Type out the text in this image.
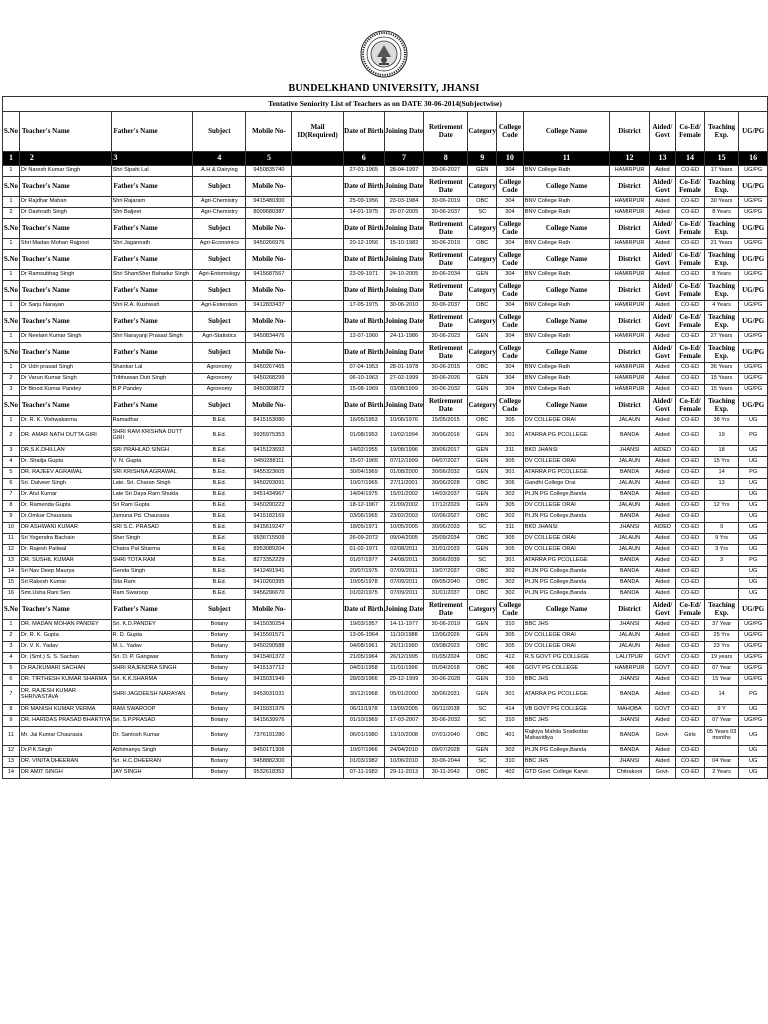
BUNDELKHAND UNIVERSITY, JHANSI
Tentative Seniority List of Teachers as on DATE 30-06-2014(Subjectwise)																
S.No	Teacher's Name	Father's Name	Subject	Mobile No-	Mail ID(Required)	Date of Birth	Joining Date	Retirement Date	Category	College Code	College Name	District	Aided/ Govt	Co-Ed/ Female	Teaching Exp.	UG/PG
1	2	3	4	5		6	7	8	9	10	11	12	13	14	15	16
1	Dr Naresh Kumar Singh	Shri Sipahi Lal	A.H & Dairying	9450835740		27-01-1965	28-04-1997	30-06-2027	GEN	304	BNV College Rath	HAMIRPUR	Aided	CO-ED	17 Years	UG/PG
S.No	Teacher's Name	Father's Name	Subject	Mobile No-		Date of Birth	Joining Date	Retirement Date	Category	College Code	College Name	District	Aided/ Govt	Co-Ed/ Female	Teaching Exp.	UG/PG
1	Dr Rajdhar Mahan	Shri Rajaram	Agri-Chemistry	9415480300		25-09-1956	23-03-1984	30-06-2019	OBC	304	BNV College Rath	HAMIRPUR	Aided	CO-ED	30 Years	UG/PG
2	Dr Dashrath Singh	Shri Baljeet	Agri-Chemistry	8009680387		14-01-1975	20-07-2005	30-06-2037	SC	304	BNV College Rath	HAMIRPUR	Aided	CO-ED	8 Years	UG/PG
S.No	Teacher's Name	Father's Name	Subject	Mobile No-		Date of Birth	Joining Date	Retirement Date	Category	College Code	College Name	District	Aided/ Govt	Co-Ed/ Female	Teaching Exp.	UG/PG
1	Shri Madan Mohan Rajpoot	Shri Jagannath	Agri-Economics	9450266976		20-12-1956	15-10-1982	30-06-2019	OBC	304	BNV College Rath	HAMIRPUR	Aided	CO-ED	21 Years	UG/PG
S.No	Teacher's Name	Father's Name	Subject	Mobile No-		Date of Birth	Joining Date	Retirement Date	Category	College Code	College Name	District	Aided/ Govt	Co-Ed/ Female	Teaching Exp.	UG/PG
1	Dr Ramsubhag Singh	Shri ShamSher Bahadur Singh	Agri-Entomology	9415687567		23-09-1971	24-10-2005	30-06-2034	GEN	304	BNV College Rath	HAMIRPUR	Aided	CO-ED	8 Years	UG/PG
S.No	Teacher's Name	Father's Name	Subject	Mobile No-		Date of Birth	Joining Date	Retirement Date	Category	College Code	College Name	District	Aided/ Govt	Co-Ed/ Female	Teaching Exp.	UG/PG
1	Dr Sarju Narayan	Shri R.A. Kushwah	Agri-Extension	9412833437		17-05-1975	30-06-2010	30-06-2037	OBC	304	BNV College Rath	HAMIRPUR	Aided	CO-ED	4 Years	UG/PG
S.No	Teacher's Name	Father's Name	Subject	Mobile No-		Date of Birth	Joining Date	Retirement Date	Category	College Code	College Name	District	Aided/ Govt	Co-Ed/ Female	Teaching Exp.	UG/PG
1	Dr Neelam Kumar Singh	Shri Narayanji Prasad Singh	Agri-Statistics	9450834476		12-07-1960	24-11-1986	30-06-2023	GEN	304	BNV College Rath	HAMIRPUR	Aided	CO-ED	27 Years	UG/PG
S.No	Teacher's Name	Father's Name	Subject	Mobile No-		Date of Birth	Joining Date	Retirement Date	Category	College Code	College Name	District	Aided/ Govt	Co-Ed/ Female	Teaching Exp.	UG/PG
1	Dr Udri prasad Singh	Shankar Lal	Agronomy	9450267465		07-04-1953	28-01-1978	30-06-2015	OBC	304	BNV College Rath	HAMIRPUR	Aided	CO-ED	36 Years	UG/PG
2	Dr Varun Kumar Singh	Tribhuwan Dutt Singh	Agronomy	9450268299		06-10-1963	27-02-1999	30-06-2026	GEN	304	BNV College Rath	HAMIRPUR	Aided	CO-ED	15 Years	UG/PG
3	Dr Binod Kumar Pandey	B.P Pandey	Agronomy	9450309872		15-08-1969	03/08/1999	30-06-2032	GEN	304	BNV College Rath	HAMIRPUR	Aided	CO-ED	15 Years	UG/PG
S.No	Teacher's Name	Father's Name	Subject	Mobile No-		Date of Birth	Joining Date	Retirement Date	Category	College Code	College Name	District	Aided/ Govt	Co-Ed/ Female	Teaching Exp.	UG/PG
1	Dr. R. K. Vishwakarma	Ramadhar	B.Ed.	8415153080		16/05/1953	10/06/1976	15/05/2015	OBC	305	DV COLLEGE ORAI	JALAUN	Aided	CO-ED	38 Yrs	UG
2	DR. AMAR NATH DUTTA GIRI	SHRI RAM KRISHNA DUTT GIRI	B.Ed.	9935975353		01/08/1953	19/02/1994	30/06/2016	GEN	301	ATARRA PG PCOLLEGE	BANDA	Aided	CO-ED	19	PG
3	DR.S.K.DHILLAN	SRI PRAHLAD SINGH	B.Ed.	9415123692		14/02/1955	19/08/1996	30/06/2017	GEN	311	BKD JHANSI	JHANSI	AIDED	CO-ED	18	UG
4	Dr. Shailja Gupta	V. N. Gupta	B.Ed.	9450288111		15-07-1965	07/12/1999	04/07/2027	GEN	305	DV COLLEGE ORAI	JALAUN	Aided	CO-ED	15 Yrs	UG
5	DR. RAJEEV AGRAWAL	SRI KRISHNA AGRAWAL	B.Ed.	9455323605		30/04/1969	01/08/2000	30/06/2032	GEN	301	ATARRA PG PCOLLEGE	BANDA	Aided	CO-ED	14	PG
6	Sri. Dalveer Singh	Late. Sri. Charan Singh	B.Ed.	9450293091		10/07/1965	27/11/2001	30/06/2028	OBC	306	Gandhi College Orai	JALAUN	Aided	CO-ED	13	UG
7	Dr. Atul Kumar	Late Sri Daya Ram Shukla	B.Ed.	9451434967		14/04/1975	15/01/2002	14/03/2037	GEN	302	Pt.JN PG College,Banda	BANDA	Aided	CO-ED		UG
8	Dr. Ramenda Gupta	Sri Ram Gupta	B.Ed.	9450290222		18-12-1967	21/09/2002	17/12/2029	GEN	305	DV COLLEGE ORAI	JALAUN	Aided	CO-ED	12 Yrs	UG
9	Dr.Omkar Chaurasia	Jamuna Pd. Chaurasia	B.Ed.	9415182169		03/06/1965	23/02/2003	02/06/2027	OBC	302	Pt.JN PG College,Banda	BANDA	Aided	CO-ED		UG
10	DR ASHWANI KUMAR	SRI S.C. PRASAD	B.Ed.	9415619247		18/05/1971	10/05/2005	30/06/2033	SC	311	BKD JHANSI	JHANSI	AIDED	CO-ED	9	UG
11	Sri Yogendra Bachain	Sher Singh	B.Ed.	9936715509		26-09-2072	09/04/2005	25/09/2034	OBC	305	DV COLLEGE ORAI	JALAUN	Aided	CO-ED	9 Yrs	UG
12	Dr. Rajesh Paliwal	Chatra Pal Sharma	B.Ed.	8953089204		01-02-1971	02/08/2011	31/01/2033	GEN	305	DV COLLEGE ORAI	JALAUN	Aided	CO-ED	3 Yrs	UG
13	DR. SUSHIL KUMAR	SHRI TOTA RAM	B.Ed.	8273352229		01/07/1977	24/08/2011	30/06/2039	SC	301	ATARRA PG PCOLLEGE	BANDA	Aided	CO-ED	3	PG
14	Sri Nav Deep Maurya	Genda Singh	B.Ed.	9412491941		20/07/1975	07/09/2011	19/07/2037	OBC	302	Pt.JN PG College,Banda	BANDA	Aided	CO-ED		UG
15	Sri Rakesh Kumar	Sita Ram	B.Ed.	9410260395		10/05/1978	07/09/2011	09/05/2040	OBC	302	Pt.JN PG College,Banda	BANDA	Aided	CO-ED		UG
16	Smt.Usha Rani Sen	Ram Swaroop	B.Ed.	9456296670		01/02/1975	07/09/2011	31/01/2037	OBC	302	Pt.JN PG College,Banda	BANDA	Aided	CO-ED		UG
S.No	Teacher's Name	Father's Name	Subject	Mobile No-		Date of Birth	Joining Date	Retirement Date	Category	College Code	College Name	District	Aided/ Govt	Co-Ed/ Female	Teaching Exp.	UG/PG
1	DR. MADAN MOHAN PANDEY	Sri. K.D.PANDEY	Botany	9415030254		19/03/1957	14-11-1977	30-06-2019	GEN	310	BBC JHS	JHANSI	Aided	CO-ED	37 Year	UG/PG
2	Dr. R. K. Gupta	R. D. Gupta	Botany	9415591571		13-06-1964	11/10/1988	12/06/2026	GEN	305	DV COLLEGE ORAI	JALAUN	Aided	CO-ED	25 Yrs	UG/PG
3	Dr. V. K. Yadav	M. L. Yadav	Botany	9450290588		04/08/1961	26/11/1990	03/08/2023	OBC	305	DV COLLEGE ORAI	JALAUN	Aided	CO-ED	23 Yrs	UG/PG
4	Dr. (Smt.) S. S. Sachan	Sri. O. P. Gangwar	Botany	9415401372		21/05/1964	26/12/1995	01/05/2024	OBC	412	R.S GOVT PG COLLEGE	LALITPUR	GOVT	CO-ED	19 years	UG/PG
5	Dr.RAJKUMARI SACHAN	SHRI RAJENDRA SINGH	Botany	9415137712		04/01/1958	11/01/1996	01/04/2018	OBC	406	GOVT PG COLLEGE	HAMIRPUR	GOVT	CO-ED	07 Year	UG/PG
6	DR. TIRTHESH KUMAR SHARMA	Sri. K.K.SHARMA	Botany	9415031949		28/03/1966	29-12-1999	30-06-2028	GEN	310	BBC JHS	JHANSI	Aided	CO-ED	15 Year	UG/PG
7	DR. RAJESH KUMAR SHRIVASTAVA	SHRI JAGDEESH NARAYAN	Botany	9453031031		30/12/1968	05/01/2000	30/06/2031	GEN	301	ATARRA PG PCOLLEGE	BANDA	Aided	CO-ED	14	PG
8	DR MANISH KUMAR VERMA	RAM SWAROOP	Botany	9415031976		06/11/1978	13/09/2005	06/11/2038	SC	414	VB GOVT PG COLLEGE	MAHOBA	GOVT	CO-ED	9 Y	UG
9	DR. HARIDAS PRASAD BHARTIYA	Sri. S.P.PRASAD	Botany	9415639976		01/10/1969	17-03-2007	30-06-2032	SC	310	BBC JHS	JHANSI	Aided	CO-ED	07 Year	UG/PG
11	Mr. Jai Kumar Chaurasia	Dr. Santosh Kumar	Botany	7376191280		06/01/1980	13/10/2008	07/01/2040	OBC	401	Rajkiya Mahila Snatkottar Mahavidiya	BANDA	Govt-	Girls	05 Years 03 months	UG
12	Dr.P.K.Singh	Abhimanyu Singh	Botany	9450171306		10/07/1966	24/04/2010	09/07/2028	GEN	302	Pt.JN PG College,Banda	BANDA	Aided	CO-ED		UG
13	DR. VINITA DHEERAN	Sri. H.C.DHEERAN	Botany	9458882300		01/03/1982	10/06/2010	30-06-2044	SC	310	BBC JHS	JHANSI	Aided	CO-ED	04 Year	UG
14	DR AMIT SINGH	JAY SINGH	Botany	9532618352		07-11-1982	29-11-2013	30-11-2042	OBC	402	GTD Govt. College Karwi	Chitrakoot	Govt-	CO-ED	2 Years	UG
